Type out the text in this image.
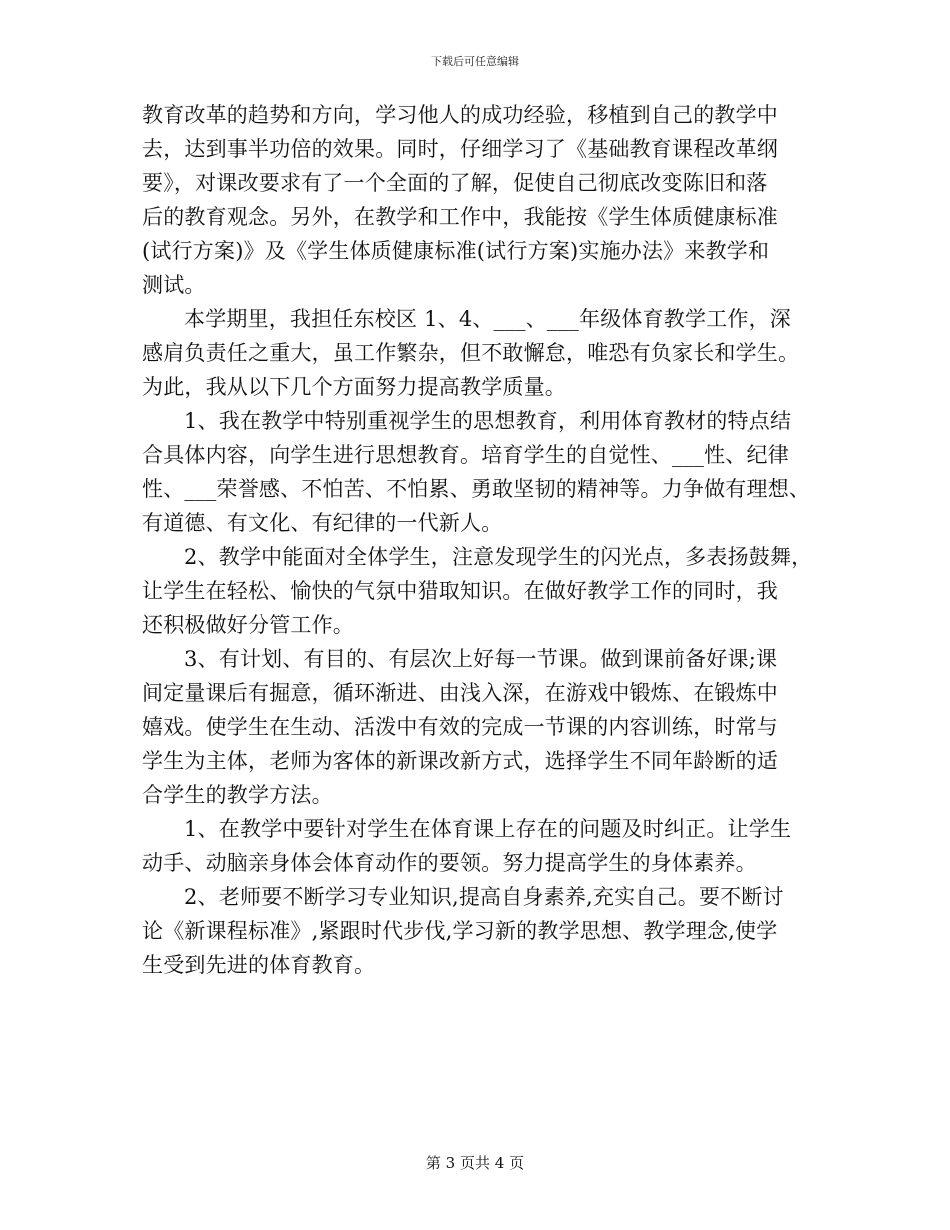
下载后可任意编辑
教育改革的趋势和方向，学习他人的成功经验，移植到自己的教学中
去，达到事半功倍的效果。同时，仔细学习了《基础教育课程改革纲
要》，对课改要求有了一个全面的了解，促使自己彻底改变陈旧和落
后的教育观念。另外，在教学和工作中，我能按《学生体质健康标准
(试行方案)》及《学生体质健康标准(试行方案)实施办法》来教学和
测试。
本学期里，我担任东校区 1、4、___、___年级体育教学工作，深
感肩负责任之重大，虽工作繁杂，但不敢懈怠，唯恐有负家长和学生。
为此，我从以下几个方面努力提高教学质量。
1、我在教学中特别重视学生的思想教育，利用体育教材的特点结
合具体内容，向学生进行思想教育。培育学生的自觉性、___性、纪律
性、___荣誉感、不怕苦、不怕累、勇敢坚韧的精神等。力争做有理想、
有道德、有文化、有纪律的一代新人。
2、教学中能面对全体学生，注意发现学生的闪光点，多表扬鼓舞，
让学生在轻松、愉快的气氛中猎取知识。在做好教学工作的同时，我
还积极做好分管工作。
3、有计划、有目的、有层次上好每一节课。做到课前备好课;课
间定量课后有掘意，循环渐进、由浅入深，在游戏中锻炼、在锻炼中
嬉戏。使学生在生动、活泼中有效的完成一节课的内容训练，时常与
学生为主体，老师为客体的新课改新方式，选择学生不同年龄断的适
合学生的教学方法。
1、在教学中要针对学生在体育课上存在的问题及时纠正。让学生
动手、动脑亲身体会体育动作的要领。努力提高学生的身体素养。
2、老师要不断学习专业知识,提高自身素养,充实自己。要不断讨
论《新课程标准》,紧跟时代步伐,学习新的教学思想、教学理念,使学
生受到先进的体育教育。
第 3 页共 4 页
